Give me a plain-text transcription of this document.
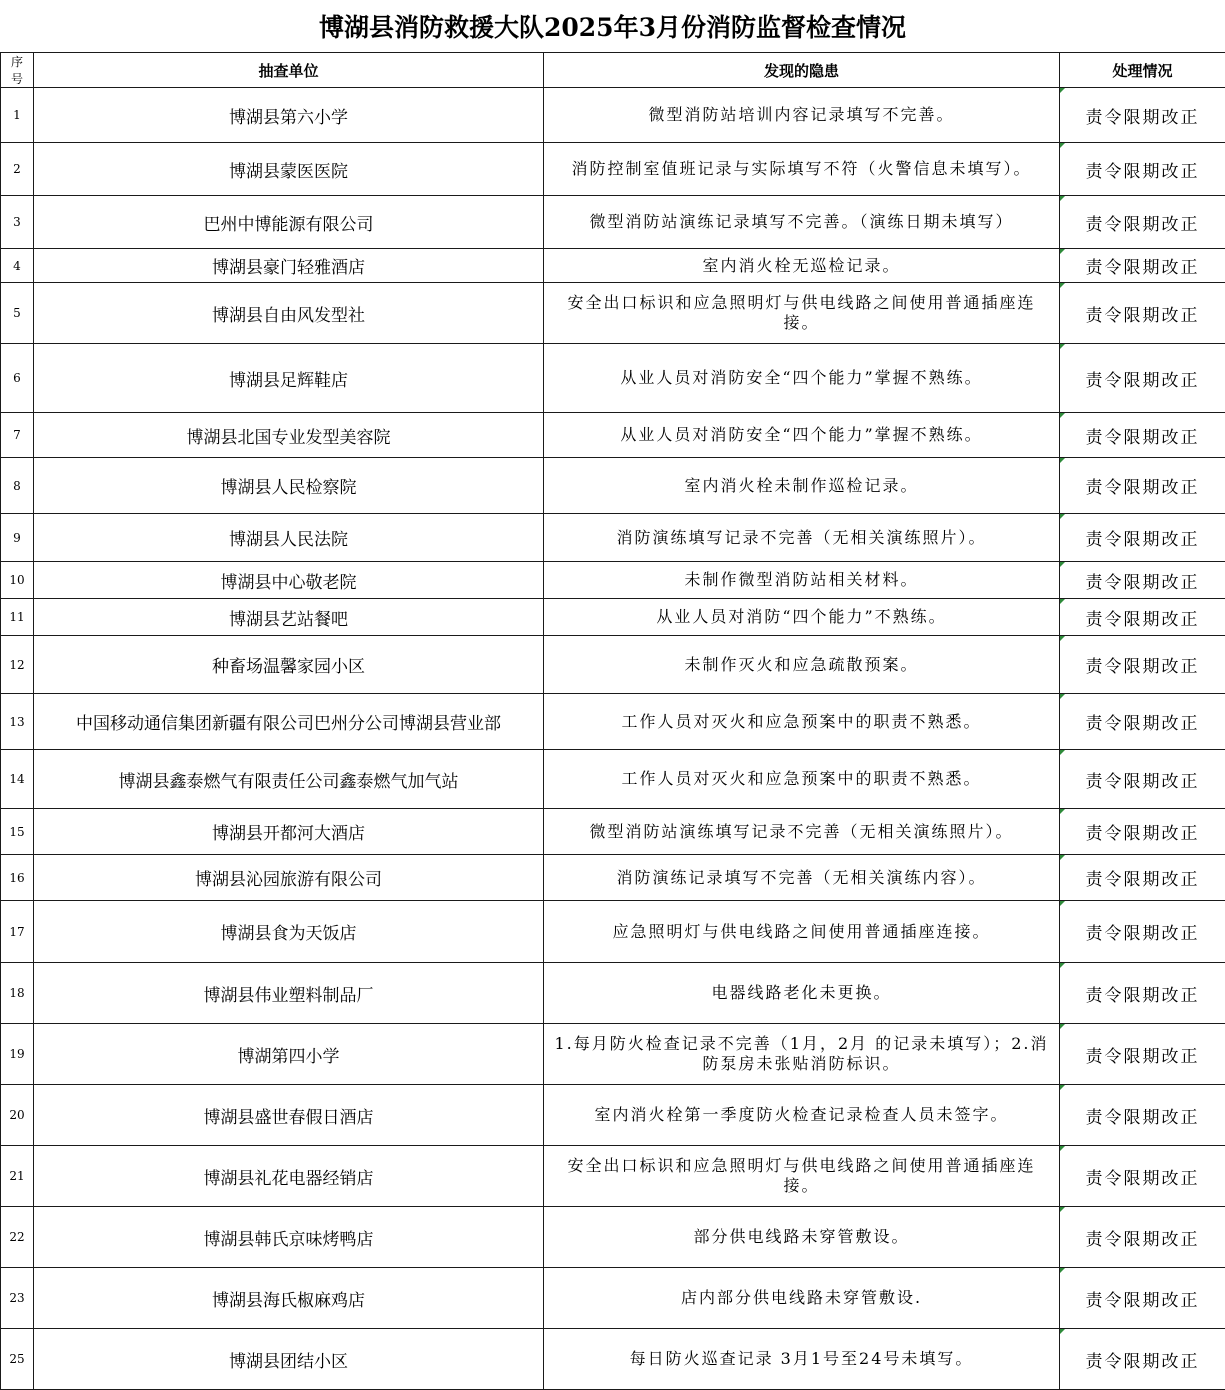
博湖县消防救援大队2025年3月份消防监督检查情况
序号	抽查单位	发现的隐患	处理情况
1	博湖县第六小学	微型消防站培训内容记录填写不完善。	责令限期改正
2	博湖县蒙医医院	消防控制室值班记录与实际填写不符（火警信息未填写）。	责令限期改正
3	巴州中博能源有限公司	微型消防站演练记录填写不完善。（演练日期未填写）	责令限期改正
4	博湖县豪门轻雅酒店	室内消火栓无巡检记录。	责令限期改正
5	博湖县自由风发型社	安全出口标识和应急照明灯与供电线路之间使用普通插座连接。	责令限期改正
6	博湖县足辉鞋店	从业人员对消防安全“四个能力”掌握不熟练。	责令限期改正
7	博湖县北国专业发型美容院	从业人员对消防安全“四个能力”掌握不熟练。	责令限期改正
8	博湖县人民检察院	室内消火栓未制作巡检记录。	责令限期改正
9	博湖县人民法院	消防演练填写记录不完善（无相关演练照片）。	责令限期改正
10	博湖县中心敬老院	未制作微型消防站相关材料。	责令限期改正
11	博湖县艺站餐吧	从业人员对消防“四个能力”不熟练。	责令限期改正
12	种畜场温馨家园小区	未制作灭火和应急疏散预案。	责令限期改正
13	中国移动通信集团新疆有限公司巴州分公司博湖县营业部	工作人员对灭火和应急预案中的职责不熟悉。	责令限期改正
14	博湖县鑫泰燃气有限责任公司鑫泰燃气加气站	工作人员对灭火和应急预案中的职责不熟悉。	责令限期改正
15	博湖县开都河大酒店	微型消防站演练填写记录不完善（无相关演练照片）。	责令限期改正
16	博湖县沁园旅游有限公司	消防演练记录填写不完善（无相关演练内容）。	责令限期改正
17	博湖县食为天饭店	应急照明灯与供电线路之间使用普通插座连接。	责令限期改正
18	博湖县伟业塑料制品厂	电器线路老化未更换。	责令限期改正
19	博湖第四小学	1.每月防火检查记录不完善（1月，2月 的记录未填写）；2.消防泵房未张贴消防标识。	责令限期改正
20	博湖县盛世春假日酒店	室内消火栓第一季度防火检查记录检查人员未签字。	责令限期改正
21	博湖县礼花电器经销店	安全出口标识和应急照明灯与供电线路之间使用普通插座连接。	责令限期改正
22	博湖县韩氏京味烤鸭店	部分供电线路未穿管敷设。	责令限期改正
23	博湖县海氏椒麻鸡店	店内部分供电线路未穿管敷设.	责令限期改正
25	博湖县团结小区	每日防火巡查记录 3月1号至24号未填写。	责令限期改正
